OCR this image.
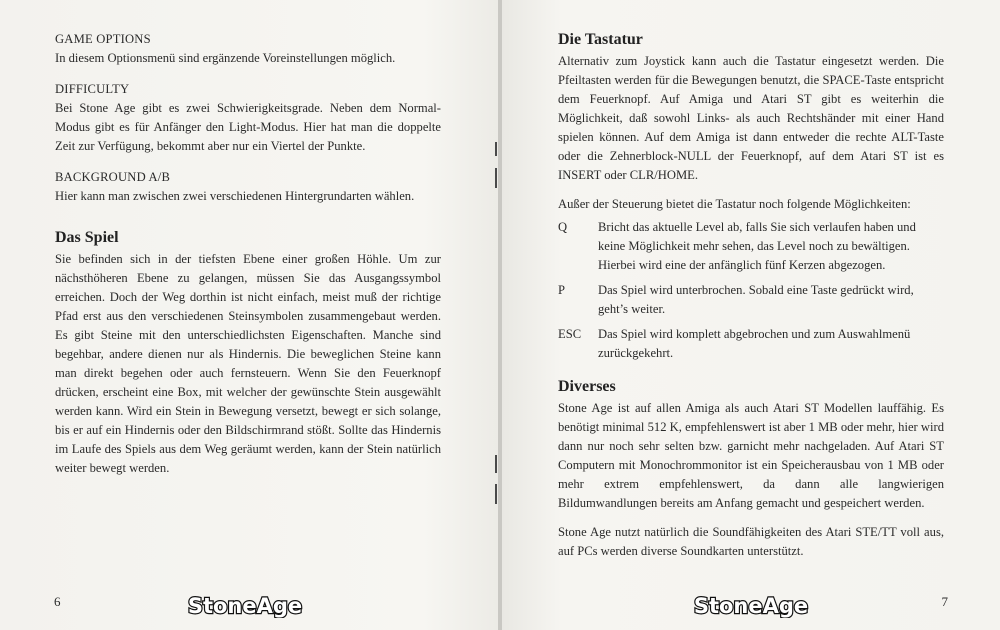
GAME OPTIONS
In diesem Optionsmenü sind ergänzende Voreinstellungen möglich.
DIFFICULTY
Bei Stone Age gibt es zwei Schwierigkeitsgrade. Neben dem Normal-Modus gibt es für Anfänger den Light-Modus. Hier hat man die doppelte Zeit zur Verfügung, bekommt aber nur ein Viertel der Punkte.
BACKGROUND A/B
Hier kann man zwischen zwei verschiedenen Hintergrundarten wählen.
Das Spiel

Sie befinden sich in der tiefsten Ebene einer großen Höhle. Um zur nächsthöheren Ebene zu gelangen, müssen Sie das Ausgangssymbol erreichen. Doch der Weg dorthin ist nicht einfach, meist muß der richtige Pfad erst aus den verschiedenen Steinsymbolen zusammengebaut werden. Es gibt Steine mit den unterschiedlichsten Eigenschaften. Manche sind begehbar, andere dienen nur als Hindernis. Die beweglichen Steine kann man direkt begehen oder auch fernsteuern. Wenn Sie den Feuerknopf drücken, erscheint eine Box, mit welcher der gewünschte Stein ausgewählt werden kann. Wird ein Stein in Bewegung versetzt, bewegt er sich solange, bis er auf ein Hindernis oder den Bildschirmrand stößt. Sollte das Hindernis im Laufe des Spiels aus dem Weg geräumt werden, kann der Stein natürlich weiter bewegt werden.

6	StoneAge
Die Tastatur

Alternativ zum Joystick kann auch die Tastatur eingesetzt werden. Die Pfeiltasten werden für die Bewegungen benutzt, die SPACE-Taste entspricht dem Feuerknopf. Auf Amiga und Atari ST gibt es weiterhin die Möglichkeit, daß sowohl Links- als auch Rechtshänder mit einer Hand spielen können. Auf dem Amiga ist dann entweder die rechte ALT-Taste oder die Zehnerblock-NULL der Feuerknopf, auf dem Atari ST ist es INSERT oder CLR/HOME.

Außer der Steuerung bietet die Tastatur noch folgende Möglichkeiten:

Q	Bricht das aktuelle Level ab, falls Sie sich verlaufen haben und keine Möglichkeit mehr sehen, das Level noch zu bewältigen. Hierbei wird eine der anfänglich fünf Kerzen abgezogen.
P	Das Spiel wird unterbrochen. Sobald eine Taste gedrückt wird, geht’s weiter.
ESC	Das Spiel wird komplett abgebrochen und zum Auswahlmenü zurückgekehrt.
Diverses

Stone Age ist auf allen Amiga als auch Atari ST Modellen lauffähig. Es benötigt minimal 512 K, empfehlenswert ist aber 1 MB oder mehr, hier wird dann nur noch sehr selten bzw. garnicht mehr nachgeladen. Auf Atari ST Computern mit Monochrommonitor ist ein Speicherausbau von 1 MB oder mehr extrem empfehlenswert, da dann alle langwierigen Bildumwandlungen bereits am Anfang gemacht und gespeichert werden.

Stone Age nutzt natürlich die Soundfähigkeiten des Atari STE/TT voll aus, auf PCs werden diverse Soundkarten unterstützt.

StoneAge	7
